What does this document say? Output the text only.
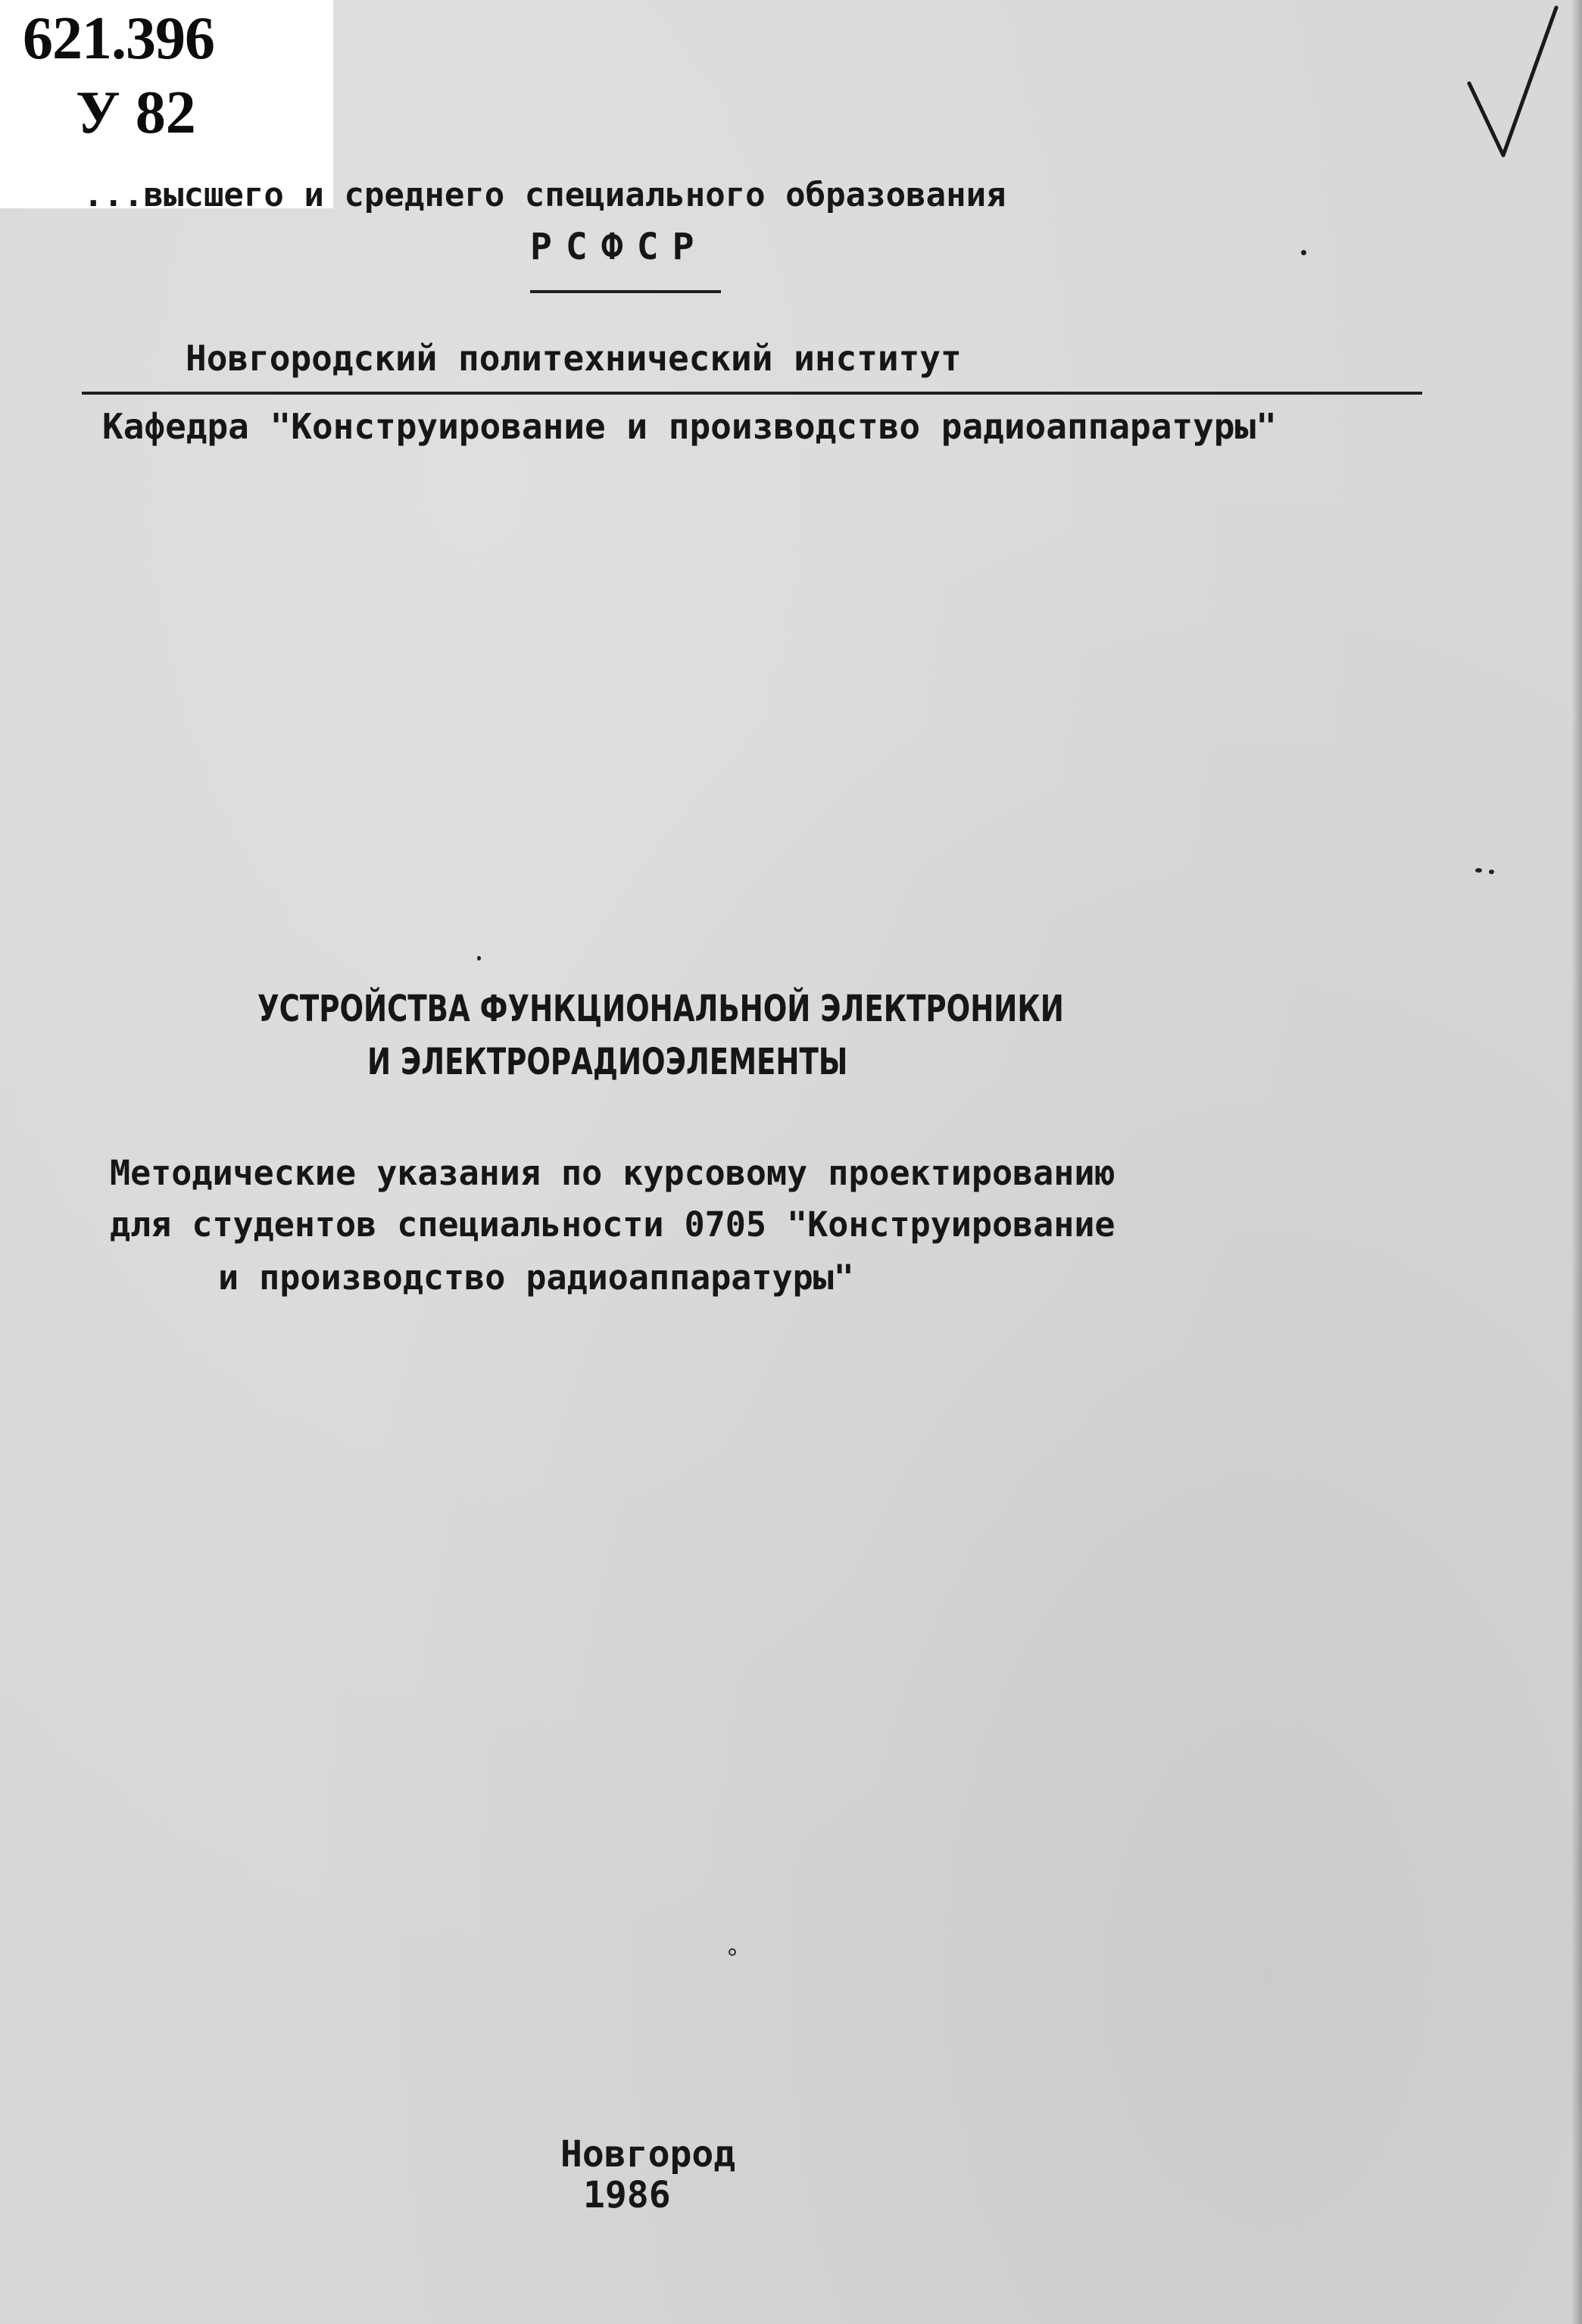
621.396
У 82
...высшего и среднего специального образования
РСФСР
Новгородский политехнический институт
Кафедра "Конструирование и производство радиоаппаратуры"
УСТРОЙСТВА ФУНКЦИОНАЛЬНОЙ ЭЛЕКТРОНИКИ
И ЭЛЕКТРОРАДИОЭЛЕМЕНТЫ
Методические указания по курсовому проектированию
для студентов специальности 0705 "Конструирование
и производство радиоаппаратуры"
Новгород
1986
